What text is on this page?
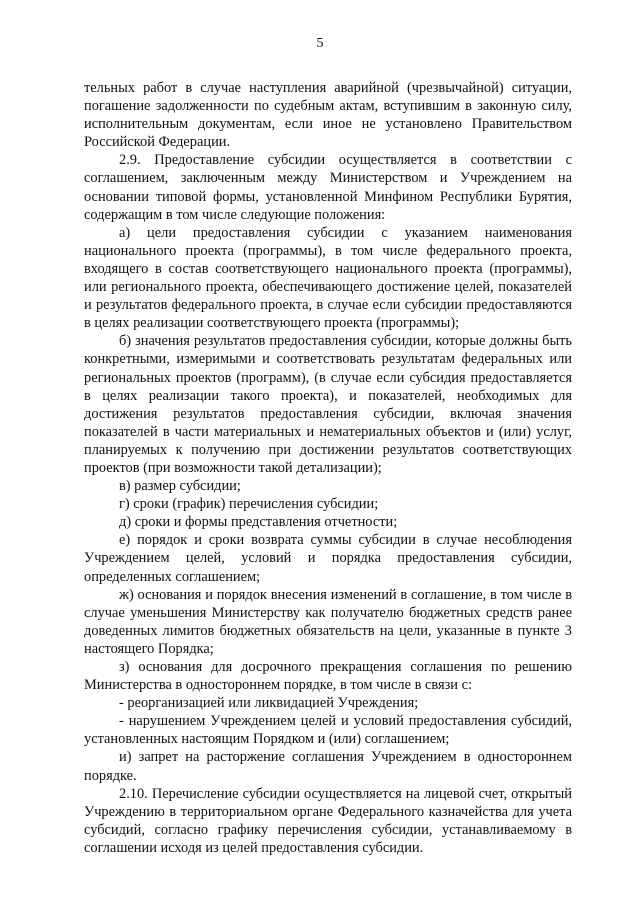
5

тельных работ в случае наступления аварийной (чрезвычайной) ситуации, погашение задолженности по судебным актам, вступившим в законную силу, исполнительным документам, если иное не установлено Правительством Российской Федерации.

2.9. Предоставление субсидии осуществляется в соответствии с соглашением, заключенным между Министерством и Учреждением на основании типовой формы, установленной Минфином Республики Бурятия, содержащим в том числе следующие положения:

а) цели предоставления субсидии с указанием наименования национального проекта (программы), в том числе федерального проекта, входящего в состав соответствующего национального проекта (программы), или регионального проекта, обеспечивающего достижение целей, показателей и результатов федерального проекта, в случае если субсидии предоставляются в целях реализации соответствующего проекта (программы);

б) значения результатов предоставления субсидии, которые должны быть конкретными, измеримыми и соответствовать результатам федеральных или региональных проектов (программ), (в случае если субсидия предоставляется в целях реализации такого проекта), и показателей, необходимых для достижения результатов предоставления субсидии, включая значения показателей в части материальных и нематериальных объектов и (или) услуг, планируемых к получению при достижении результатов соответствующих проектов (при возможности такой детализации);

в) размер субсидии;

г) сроки (график) перечисления субсидии;

д) сроки и формы представления отчетности;

е) порядок и сроки возврата суммы субсидии в случае несоблюдения Учреждением целей, условий и порядка предоставления субсидии, определенных соглашением;

ж) основания и порядок внесения изменений в соглашение, в том числе в случае уменьшения Министерству как получателю бюджетных средств ранее доведенных лимитов бюджетных обязательств на цели, указанные в пункте 3 настоящего Порядка;

з) основания для досрочного прекращения соглашения по решению Министерства в одностороннем порядке, в том числе в связи с:

- реорганизацией или ликвидацией Учреждения;

- нарушением Учреждением целей и условий предоставления субсидий, установленных настоящим Порядком и (или) соглашением;

и) запрет на расторжение соглашения Учреждением в одностороннем порядке.

2.10. Перечисление субсидии осуществляется на лицевой счет, открытый Учреждению в территориальном органе Федерального казначейства для учета субсидий, согласно графику перечисления субсидии, устанавливаемому в соглашении исходя из целей предоставления субсидии.
